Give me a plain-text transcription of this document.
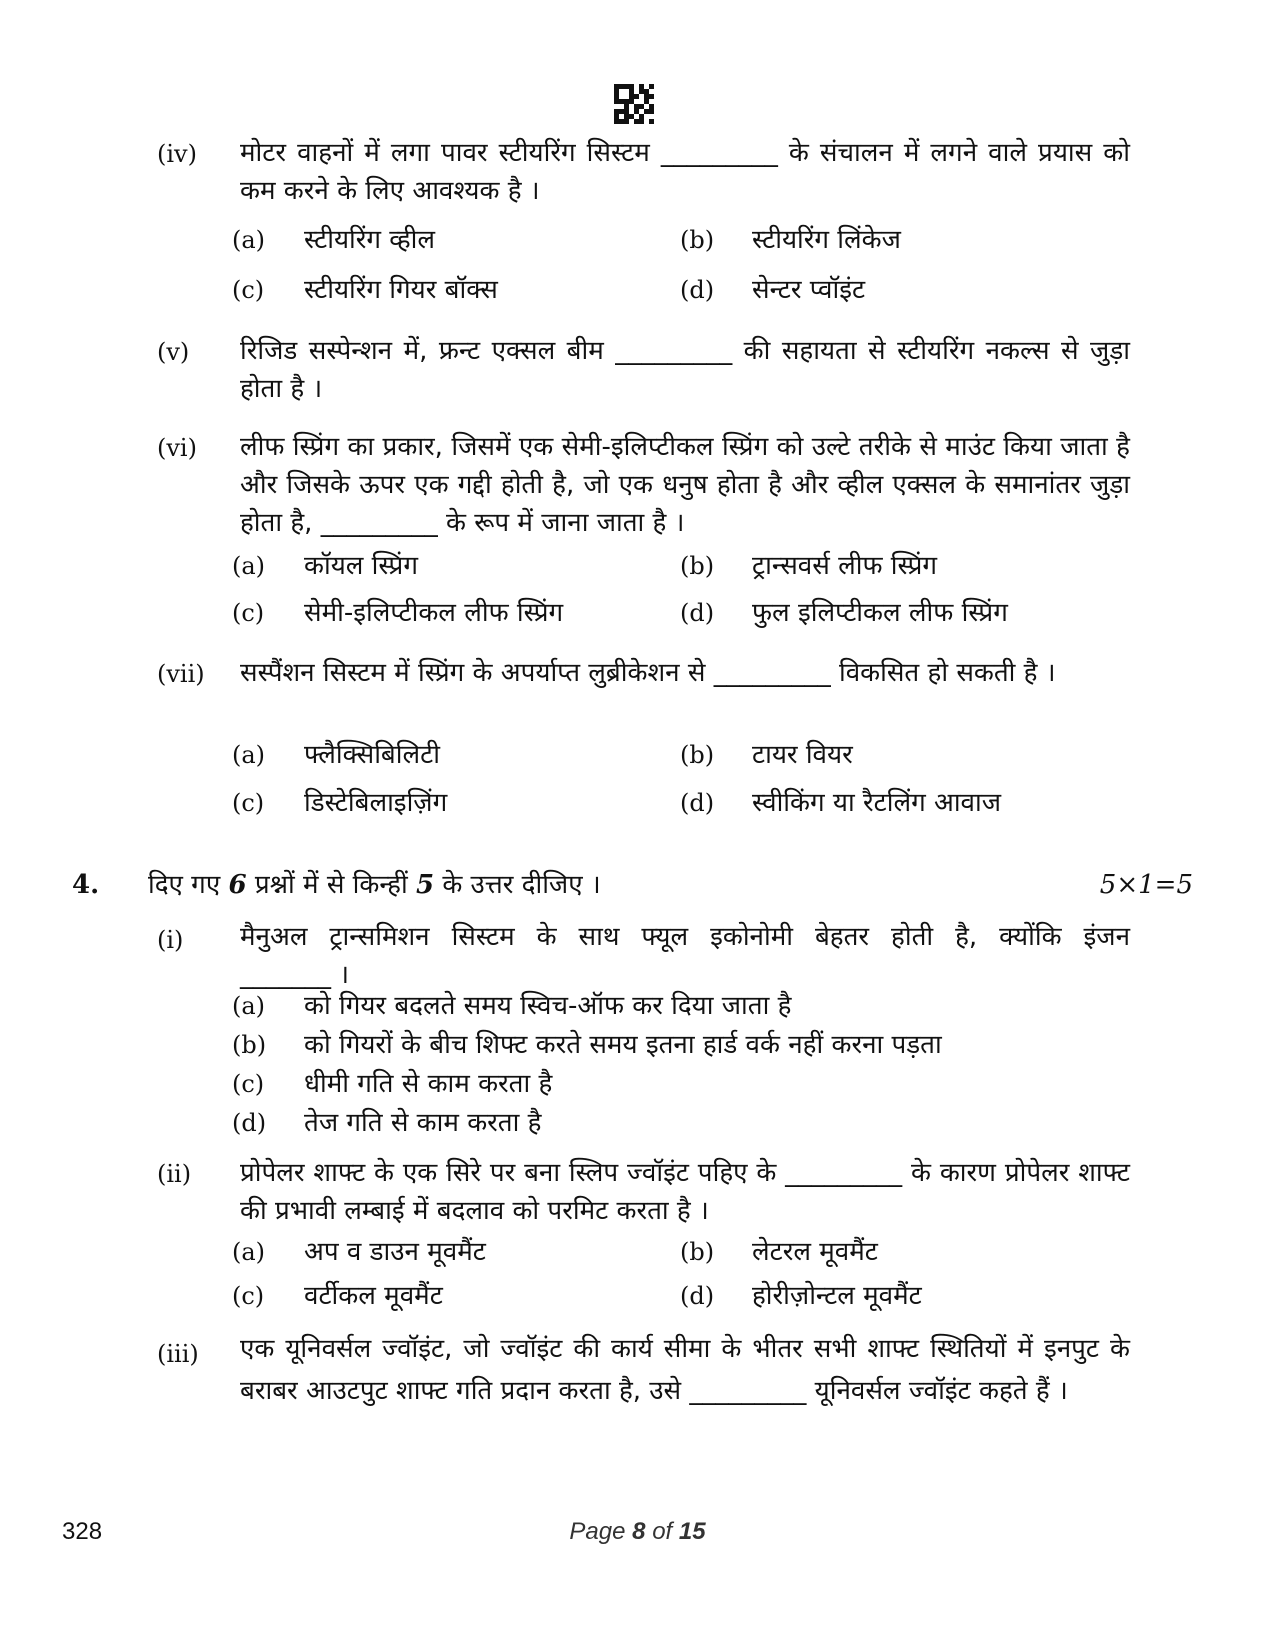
(iv) मोटर वाहनों में लगा पावर स्टीयरिंग सिस्टम _________ के संचालन में लगने वाले प्रयास को कम करने के लिए आवश्यक है ।
(a) स्टीयरिंग व्हील	(b) स्टीयरिंग लिंकेज
(c) स्टीयरिंग गियर बॉक्स	(d) सेन्टर प्वॉइंट
(v) रिजिड सस्पेन्शन में, फ्रन्ट एक्सल बीम _________ की सहायता से स्टीयरिंग नकल्स से जुड़ा होता है ।
(vi) लीफ स्प्रिंग का प्रकार, जिसमें एक सेमी-इलिप्टीकल स्प्रिंग को उल्टे तरीके से माउंट किया जाता है और जिसके ऊपर एक गद्दी होती है, जो एक धनुष होता है और व्हील एक्सल के समानांतर जुड़ा होता है, _________ के रूप में जाना जाता है ।
(a) कॉयल स्प्रिंग	(b) ट्रान्सवर्स लीफ स्प्रिंग
(c) सेमी-इलिप्टीकल लीफ स्प्रिंग	(d) फुल इलिप्टीकल लीफ स्प्रिंग
(vii) सस्पैंशन सिस्टम में स्प्रिंग के अपर्याप्त लुब्रीकेशन से _________ विकसित हो सकती है ।
(a) फ्लैक्सिबिलिटी	(b) टायर वियर
(c) डिस्टेबिलाइज़िंग	(d) स्वीकिंग या रैटलिंग आवाज
4. दिए गए 6 प्रश्नों में से किन्हीं 5 के उत्तर दीजिए ।	5×1=5
(i) मैनुअल ट्रान्समिशन सिस्टम के साथ फ्यूल इकोनोमी बेहतर होती है, क्योंकि इंजन
_______ ।
(a) को गियर बदलते समय स्विच-ऑफ कर दिया जाता है
(b) को गियरों के बीच शिफ्ट करते समय इतना हार्ड वर्क नहीं करना पड़ता
(c) धीमी गति से काम करता है
(d) तेज गति से काम करता है
(ii) प्रोपेलर शाफ्ट के एक सिरे पर बना स्लिप ज्वॉइंट पहिए के _________ के कारण प्रोपेलर शाफ्ट की प्रभावी लम्बाई में बदलाव को परमिट करता है ।
(a) अप व डाउन मूवमैंट	(b) लेटरल मूवमैंट
(c) वर्टीकल मूवमैंट	(d) होरीज़ोन्टल मूवमैंट
(iii) एक यूनिवर्सल ज्वॉइंट, जो ज्वॉइंट की कार्य सीमा के भीतर सभी शाफ्ट स्थितियों में इनपुट के बराबर आउटपुट शाफ्ट गति प्रदान करता है, उसे _________ यूनिवर्सल ज्वॉइंट कहते हैं ।
328	Page 8 of 15
